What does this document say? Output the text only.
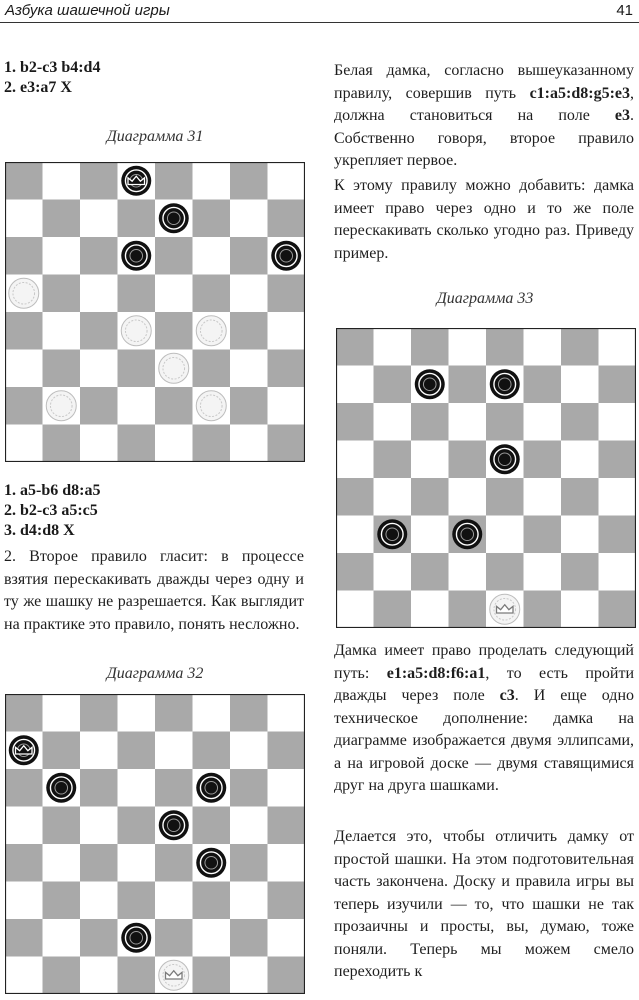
Азбука шашечной игры	41
1. b2-c3 b4:d4
2. e3:a7 X
Диаграмма 31
1. a5-b6 d8:a5
2. b2-c3 a5:c5
3. d4:d8 X
2. Второе правило гласит: в процессе взятия перескакивать дважды через одну и ту же шашку не разрешается. Как выглядит на практике это правило, понять несложно.
Диаграмма 32
Белая дамка, согласно вышеуказанному правилу, совершив путь c1:a5:d8:g5:e3, должна становиться на поле e3. Собственно говоря, второе правило укрепляет первое.
К этому правилу можно добавить: дамка имеет право через одно и то же поле перескакивать сколько угодно раз. Приведу пример.
Диаграмма 33
Дамка имеет право проделать следующий путь: e1:a5:d8:f6:a1, то есть пройти дважды через поле c3. И еще одно техническое дополнение: дамка на диаграмме изображается двумя эллипсами, а на игровой доске — двумя ставящимися друг на друга шашками.
Делается это, чтобы отличить дамку от простой шашки. На этом подготовительная часть закончена. Доску и правила игры вы теперь изучили — то, что шашки не так прозаичны и просты, вы, думаю, тоже поняли. Теперь мы можем смело переходить к
